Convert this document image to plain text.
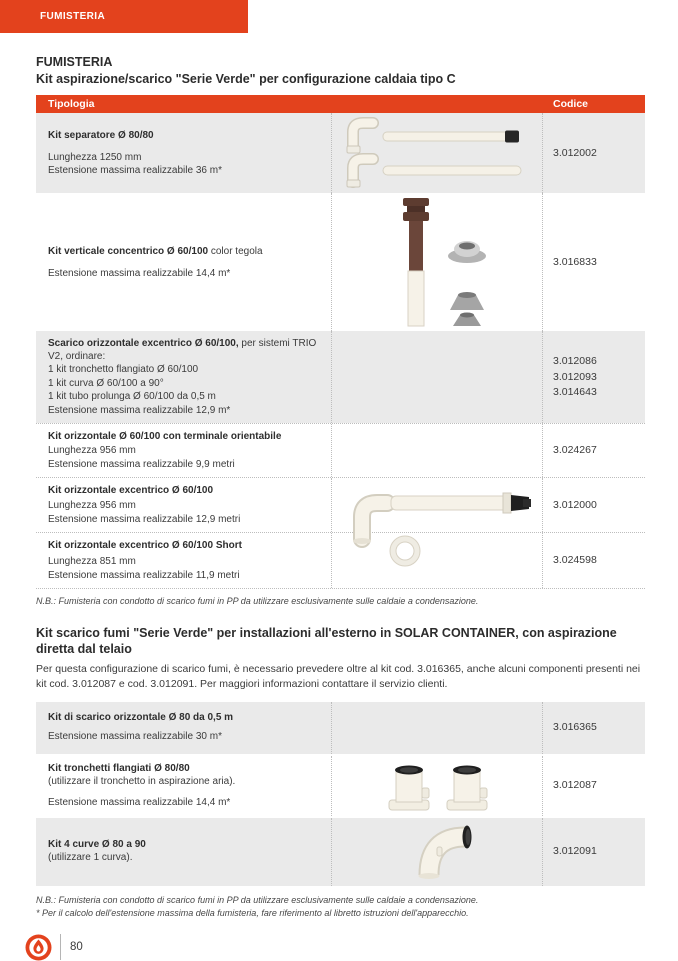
FUMISTERIA
FUMISTERIA
Kit aspirazione/scarico "Serie Verde" per configurazione caldaia tipo C
Tipologia	Codice
Kit separatore Ø 80/80
Lunghezza 1250 mm
Estensione massima realizzabile 36 m*
3.012002
Kit verticale concentrico Ø 60/100 color tegola
Estensione massima realizzabile 14,4 m*
3.016833
Scarico orizzontale excentrico Ø 60/100, per sistemi TRIO V2, ordinare:
1 kit tronchetto flangiato Ø 60/100
1 kit curva Ø 60/100 a 90°
1 kit tubo prolunga Ø 60/100 da 0,5 m
Estensione massima realizzabile 12,9 m*
3.012086
3.012093
3.014643
Kit orizzontale Ø 60/100 con terminale orientabile
Lunghezza 956 mm
Estensione massima realizzabile 9,9 metri
3.024267
Kit orizzontale excentrico Ø 60/100
Lunghezza 956 mm
Estensione massima realizzabile 12,9 metri
3.012000
Kit orizzontale excentrico Ø 60/100 Short
Lunghezza 851 mm
Estensione massima realizzabile 11,9 metri
3.024598
N.B.: Fumisteria con condotto di scarico fumi in PP da utilizzare esclusivamente sulle caldaie a condensazione.
Kit scarico fumi "Serie Verde" per installazioni all'esterno in SOLAR CONTAINER, con aspirazione diretta dal telaio
Per questa configurazione di scarico fumi, è necessario prevedere oltre al kit cod. 3.016365, anche alcuni componenti presenti nei kit cod. 3.012087 e cod. 3.012091. Per maggiori informazioni contattare il servizio clienti.
Kit di scarico orizzontale Ø 80 da 0,5 m
Estensione massima realizzabile 30 m*
3.016365
Kit tronchetti flangiati Ø 80/80
(utilizzare il tronchetto in aspirazione aria).
Estensione massima realizzabile 14,4 m*
3.012087
Kit 4 curve Ø 80 a 90
(utilizzare 1 curva).
3.012091
N.B.: Fumisteria con condotto di scarico fumi in PP da utilizzare esclusivamente sulle caldaie a condensazione.
* Per il calcolo dell'estensione massima della fumisteria, fare riferimento al libretto istruzioni dell'apparecchio.
80
